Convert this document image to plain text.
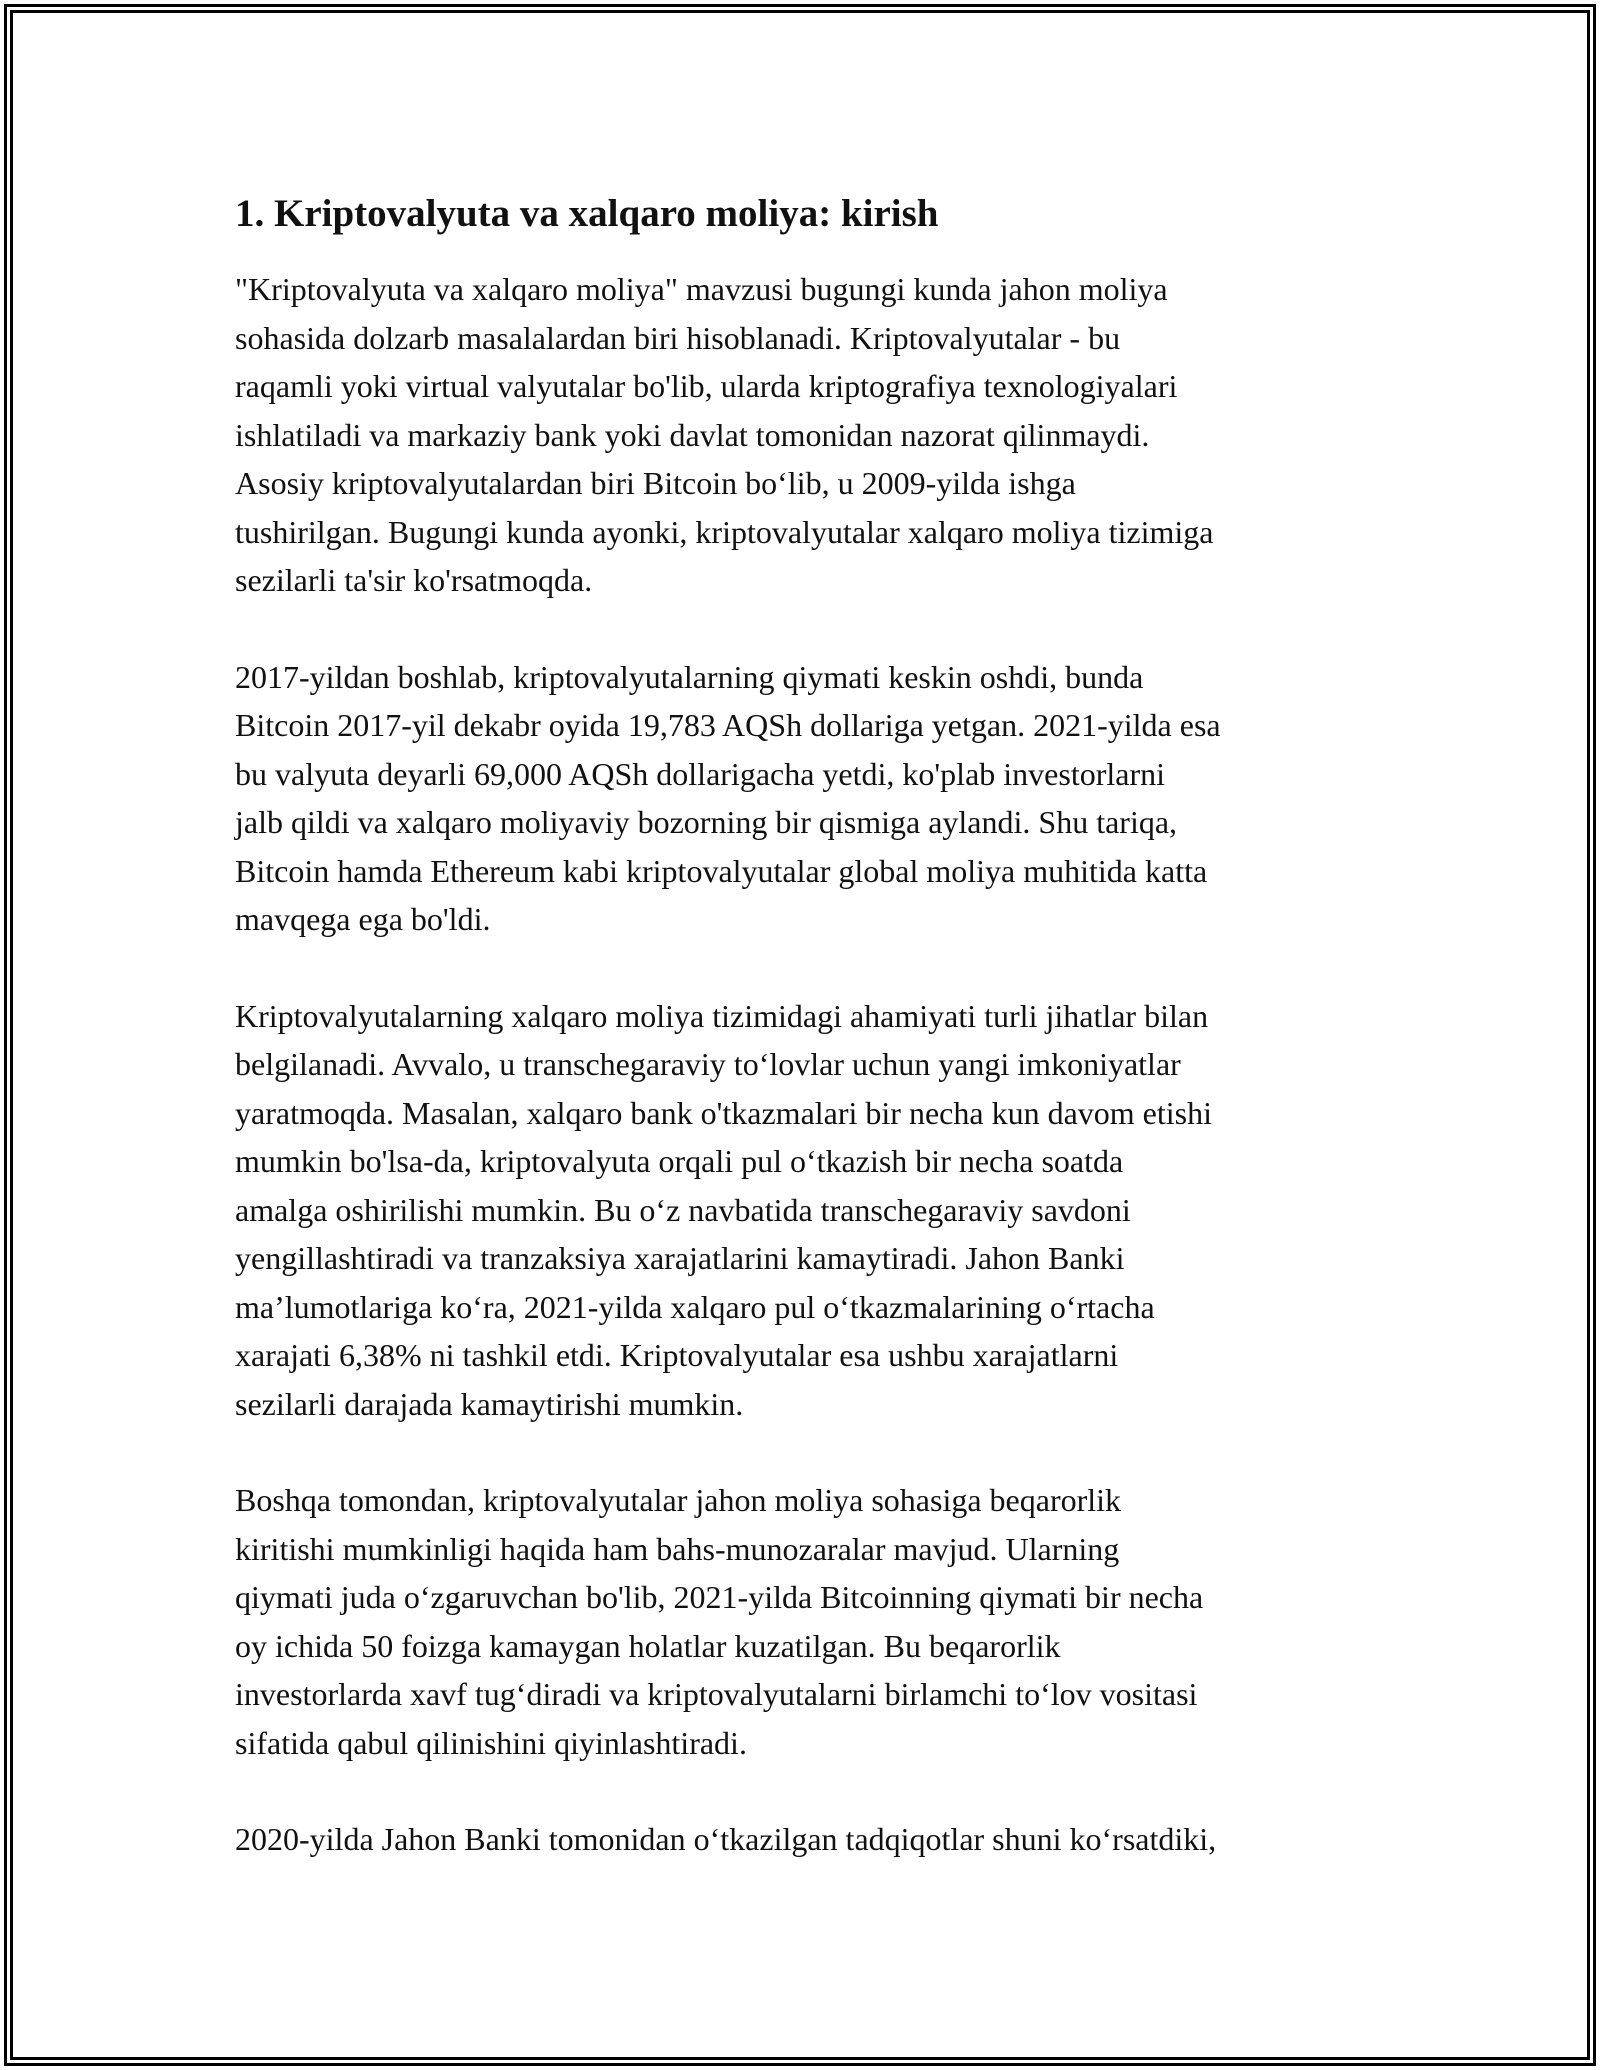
1. Kriptovalyuta va xalqaro moliya: kirish

"Kriptovalyuta va xalqaro moliya" mavzusi bugungi kunda jahon moliya
sohasida dolzarb masalalardan biri hisoblanadi. Kriptovalyutalar - bu
raqamli yoki virtual valyutalar bo'lib, ularda kriptografiya texnologiyalari
ishlatiladi va markaziy bank yoki davlat tomonidan nazorat qilinmaydi.
Asosiy kriptovalyutalardan biri Bitcoin bo‘lib, u 2009-yilda ishga
tushirilgan. Bugungi kunda ayonki, kriptovalyutalar xalqaro moliya tizimiga
sezilarli ta'sir ko'rsatmoqda.

2017-yildan boshlab, kriptovalyutalarning qiymati keskin oshdi, bunda
Bitcoin 2017-yil dekabr oyida 19,783 AQSh dollariga yetgan. 2021-yilda esa
bu valyuta deyarli 69,000 AQSh dollarigacha yetdi, ko'plab investorlarni
jalb qildi va xalqaro moliyaviy bozorning bir qismiga aylandi. Shu tariqa,
Bitcoin hamda Ethereum kabi kriptovalyutalar global moliya muhitida katta
mavqega ega bo'ldi.

Kriptovalyutalarning xalqaro moliya tizimidagi ahamiyati turli jihatlar bilan
belgilanadi. Avvalo, u transchegaraviy to‘lovlar uchun yangi imkoniyatlar
yaratmoqda. Masalan, xalqaro bank o'tkazmalari bir necha kun davom etishi
mumkin bo'lsa-da, kriptovalyuta orqali pul o‘tkazish bir necha soatda
amalga oshirilishi mumkin. Bu o‘z navbatida transchegaraviy savdoni
yengillashtiradi va tranzaksiya xarajatlarini kamaytiradi. Jahon Banki
ma’lumotlariga ko‘ra, 2021-yilda xalqaro pul o‘tkazmalarining o‘rtacha
xarajati 6,38% ni tashkil etdi. Kriptovalyutalar esa ushbu xarajatlarni
sezilarli darajada kamaytirishi mumkin.

Boshqa tomondan, kriptovalyutalar jahon moliya sohasiga beqarorlik
kiritishi mumkinligi haqida ham bahs-munozaralar mavjud. Ularning
qiymati juda o‘zgaruvchan bo'lib, 2021-yilda Bitcoinning qiymati bir necha
oy ichida 50 foizga kamaygan holatlar kuzatilgan. Bu beqarorlik
investorlarda xavf tug‘diradi va kriptovalyutalarni birlamchi to‘lov vositasi
sifatida qabul qilinishini qiyinlashtiradi.

2020-yilda Jahon Banki tomonidan o‘tkazilgan tadqiqotlar shuni ko‘rsatdiki,
